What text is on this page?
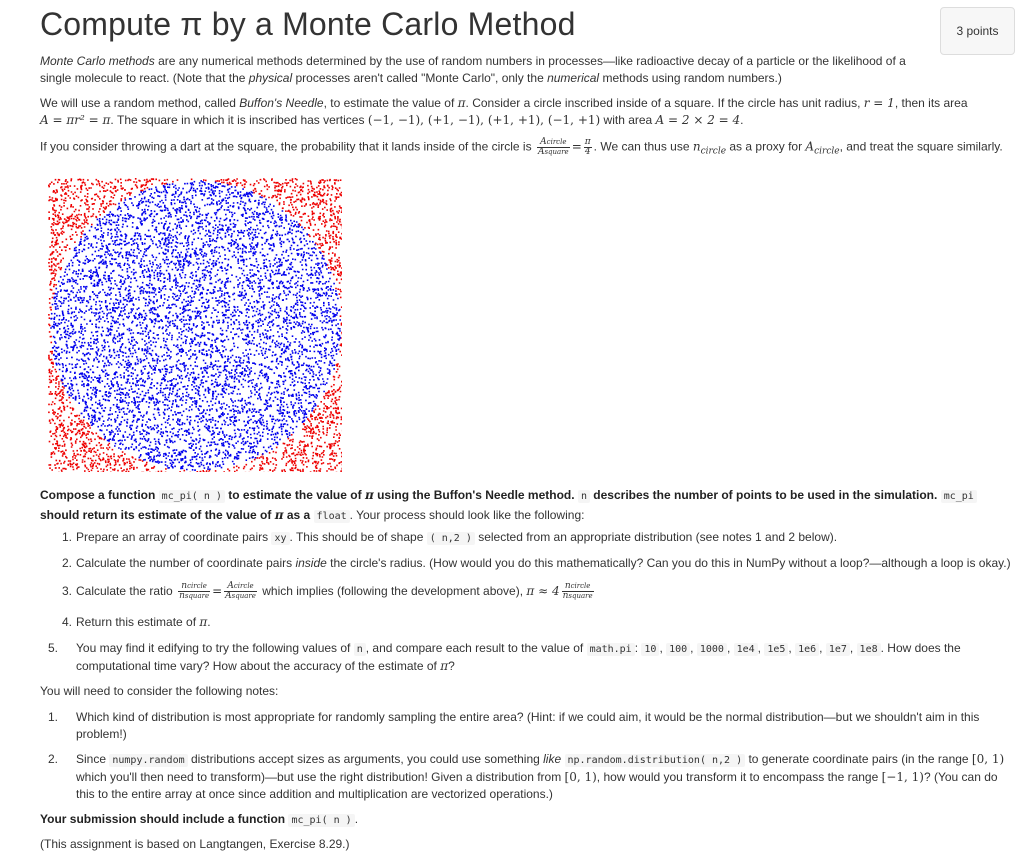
Compute π by a Monte Carlo Method	3 points

Monte Carlo methods are any numerical methods determined by the use of random numbers in processes—like radioactive decay of a particle or the likelihood of a single molecule to react. (Note that the physical processes aren't called "Monte Carlo", only the numerical methods using random numbers.)

We will use a random method, called Buffon's Needle, to estimate the value of π. Consider a circle inscribed inside of a square. If the circle has unit radius, r = 1, then its area
A = πr² = π. The square in which it is inscribed has vertices (−1, −1), (+1, −1), (+1, +1), (−1, +1) with area A = 2 × 2 = 4.

If you consider throwing a dart at the square, the probability that it lands inside of the circle is $\frac{\text{Acircle}}{\text{Asquare}} = \frac{\pi}{4}$ . We can thus use $n_{circle}$ as a proxy for $A_{circle}$, and treat the square similarly.

Compose a function mc_pi( n ) to estimate the value of π using the Buffon's Needle method. n describes the number of points to be used in the simulation. mc_pi
should return its estimate of the value of π as a float . Your process should look like the following:

1. Prepare an array of coordinate pairs xy . This should be of shape ( n,2 ) selected from an appropriate distribution (see notes 1 and 2 below).
2. Calculate the number of coordinate pairs inside the circle's radius. (How would you do this mathematically? Can you do this in NumPy without a loop?—although a loop is okay.)
3. Calculate the ratio $\frac{\text{ncircle}}{\text{nsquare}} = \frac{\text{Acircle}}{\text{Asquare}}$ which implies (following the development above), $\pi \approx 4 \frac{\text{ncircle}}{\text{nsquare}}$
4. Return this estimate of π.
5. You may find it edifying to try the following values of n , and compare each result to the value of math.pi : 10 , 100 , 1000 , 1e4 , 1e5 , 1e6 , 1e7 , 1e8 . How does the computational time vary? How about the accuracy of the estimate of π?

You will need to consider the following notes:

1. Which kind of distribution is most appropriate for randomly sampling the entire area? (Hint: if we could aim, it would be the normal distribution—but we shouldn't aim in this problem!)
2. Since numpy.random distributions accept sizes as arguments, you could use something like np.random.distribution( n,2 ) to generate coordinate pairs (in the range [0, 1) which you'll then need to transform)—but use the right distribution! Given a distribution from [0, 1), how would you transform it to encompass the range [−1, 1)? (You can do this to the entire array at once since addition and multiplication are vectorized operations.)

Your submission should include a function mc_pi( n ) .

(This assignment is based on Langtangen, Exercise 8.29.)
